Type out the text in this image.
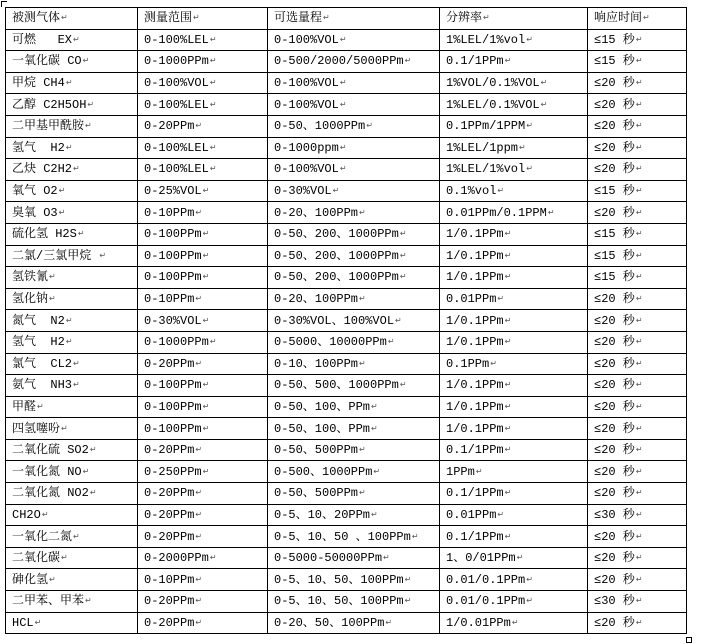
被测气体 ↵	测量范围 ↵	可选量程 ↵	分辨率 ↵	响应时间 ↵
可燃   EX ↵	0-100%LEL ↵	0-100%VOL ↵	1%LEL/1%vol ↵	≤15 秒 ↵
一氧化碳 CO ↵	0-1000PPm ↵	0-500/2000/5000PPm ↵	0.1/1PPm ↵	≤15 秒 ↵
甲烷 CH4 ↵	0-100%VOL ↵	0-100%VOL ↵	1%VOL/0.1%VOL ↵	≤20 秒 ↵
乙醇 C2H5OH ↵	0-100%LEL ↵	0-100%VOL ↵	1%LEL/0.1%VOL ↵	≤20 秒 ↵
二甲基甲酰胺 ↵	0-20PPm ↵	0-50、1000PPm ↵	0.1PPm/1PPM ↵	≤20 秒 ↵
氢气  H2 ↵	0-100%LEL ↵	0-1000ppm ↵	1%LEL/1ppm ↵	≤20 秒 ↵
乙炔 C2H2 ↵	0-100%LEL ↵	0-100%VOL ↵	1%LEL/1%vol ↵	≤20 秒 ↵
氧气 O2 ↵	0-25%VOL ↵	0-30%VOL ↵	0.1%vol ↵	≤15 秒 ↵
臭氧 O3 ↵	0-10PPm ↵	0-20、100PPm ↵	0.01PPm/0.1PPM ↵	≤20 秒 ↵
硫化氢 H2S ↵	0-100PPm ↵	0-50、200、1000PPm ↵	1/0.1PPm ↵	≤15 秒 ↵
二氯/三氯甲烷  ↵	0-100PPm ↵	0-50、200、1000PPm ↵	1/0.1PPm ↵	≤15 秒 ↵
氢铁氰 ↵	0-100PPm ↵	0-50、200、1000PPm ↵	1/0.1PPm ↵	≤15 秒 ↵
氢化钠 ↵	0-10PPm ↵	0-20、100PPm ↵	0.01PPm ↵	≤20 秒 ↵
氮气  N2 ↵	0-30%VOL ↵	0-30%VOL、100%VOL ↵	1/0.1PPm ↵	≤20 秒 ↵
氢气  H2 ↵	0-1000PPm ↵	0-5000、10000PPm ↵	1/0.1PPm ↵	≤20 秒 ↵
氯气  CL2 ↵	0-20PPm ↵	0-10、100PPm ↵	0.1PPm ↵	≤20 秒 ↵
氨气  NH3 ↵	0-100PPm ↵	0-50、500、1000PPm ↵	1/0.1PPm ↵	≤20 秒 ↵
甲醛 ↵	0-100PPm ↵	0-50、100、PPm ↵	1/0.1PPm ↵	≤20 秒 ↵
四氢噻吩 ↵	0-100PPm ↵	0-50、100、PPm ↵	1/0.1PPm ↵	≤20 秒 ↵
二氧化硫 SO2 ↵	0-20PPm ↵	0-50、500PPm ↵	0.1/1PPm ↵	≤20 秒 ↵
一氧化氮 NO ↵	0-250PPm ↵	0-500、1000PPm ↵	1PPm ↵	≤20 秒 ↵
二氧化氮 NO2 ↵	0-20PPm ↵	0-50、500PPm ↵	0.1/1PPm ↵	≤20 秒 ↵
CH2O ↵	0-20PPm ↵	0-5、10、20PPm ↵	0.01PPm ↵	≤30 秒 ↵
一氧化二氮 ↵	0-20PPm ↵	0-5、10、50 、100PPm ↵	0.1/1PPm ↵	≤20 秒 ↵
二氧化碳 ↵	0-2000PPm ↵	0-5000-50000PPm ↵	1、0/01PPm ↵	≤20 秒 ↵
砷化氢 ↵	0-10PPm ↵	0-5、10、50、100PPm ↵	0.01/0.1PPm ↵	≤20 秒 ↵
二甲苯、甲苯 ↵	0-20PPm ↵	0-5、10、50、100PPm ↵	0.01/0.1PPm ↵	≤30 秒 ↵
HCL ↵	0-20PPm ↵	0-20、50、100PPm ↵	1/0.01PPm ↵	≤20 秒 ↵
